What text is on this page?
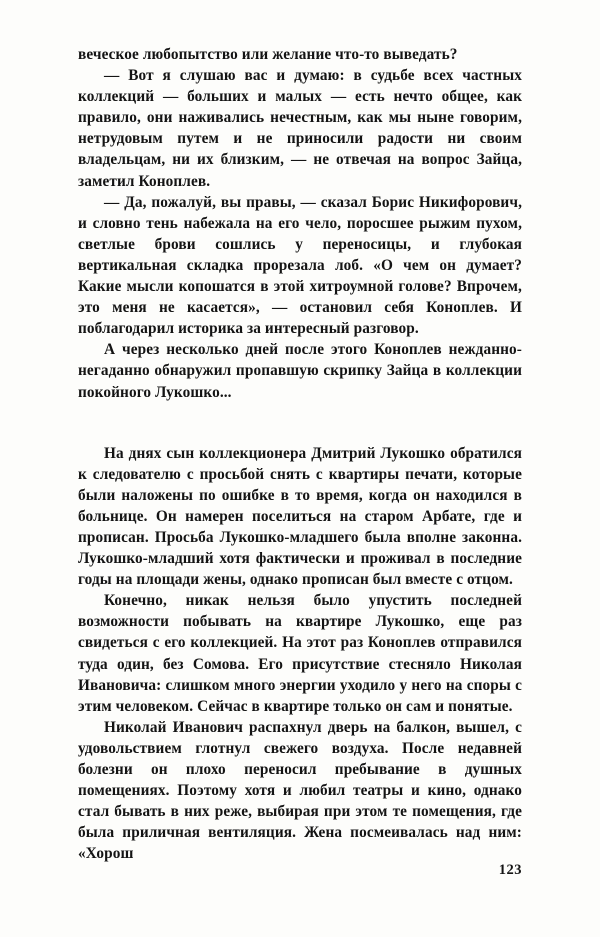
веческое любопытство или желание что-то выведать?

— Вот я слушаю вас и думаю: в судьбе всех частных коллекций — больших и малых — есть нечто общее, как правило, они наживались нечестным, как мы ныне говорим, нетрудовым путем и не приносили радости ни своим владельцам, ни их близким, — не отвечая на вопрос Зайца, заметил Коноплев.

— Да, пожалуй, вы правы, — сказал Борис Никифорович, и словно тень набежала на его чело, поросшее рыжим пухом, светлые брови сошлись у переносицы, и глубокая вертикальная складка прорезала лоб. «О чем он думает? Какие мысли копошатся в этой хитроумной голове? Впрочем, это меня не касается», — остановил себя Коноплев. И поблагодарил историка за интересный разговор.

А через несколько дней после этого Коноплев нежданно-негаданно обнаружил пропавшую скрипку Зайца в коллекции покойного Лукошко...

На днях сын коллекционера Дмитрий Лукошко обратился к следователю с просьбой снять с квартиры печати, которые были наложены по ошибке в то время, когда он находился в больнице. Он намерен поселиться на старом Арбате, где и прописан. Просьба Лукошко-младшего была вполне законна. Лукошко-младший хотя фактически и проживал в последние годы на площади жены, однако прописан был вместе с отцом.

Конечно, никак нельзя было упустить последней возможности побывать на квартире Лукошко, еще раз свидеться с его коллекцией. На этот раз Коноплев отправился туда один, без Сомова. Его присутствие стесняло Николая Ивановича: слишком много энергии уходило у него на споры с этим человеком. Сейчас в квартире только он сам и понятые.

Николай Иванович распахнул дверь на балкон, вышел, с удовольствием глотнул свежего воздуха. После недавней болезни он плохо переносил пребывание в душных помещениях. Поэтому хотя и любил театры и кино, однако стал бывать в них реже, выбирая при этом те помещения, где была приличная вентиляция. Жена посмеивалась над ним: «Хорош

123
